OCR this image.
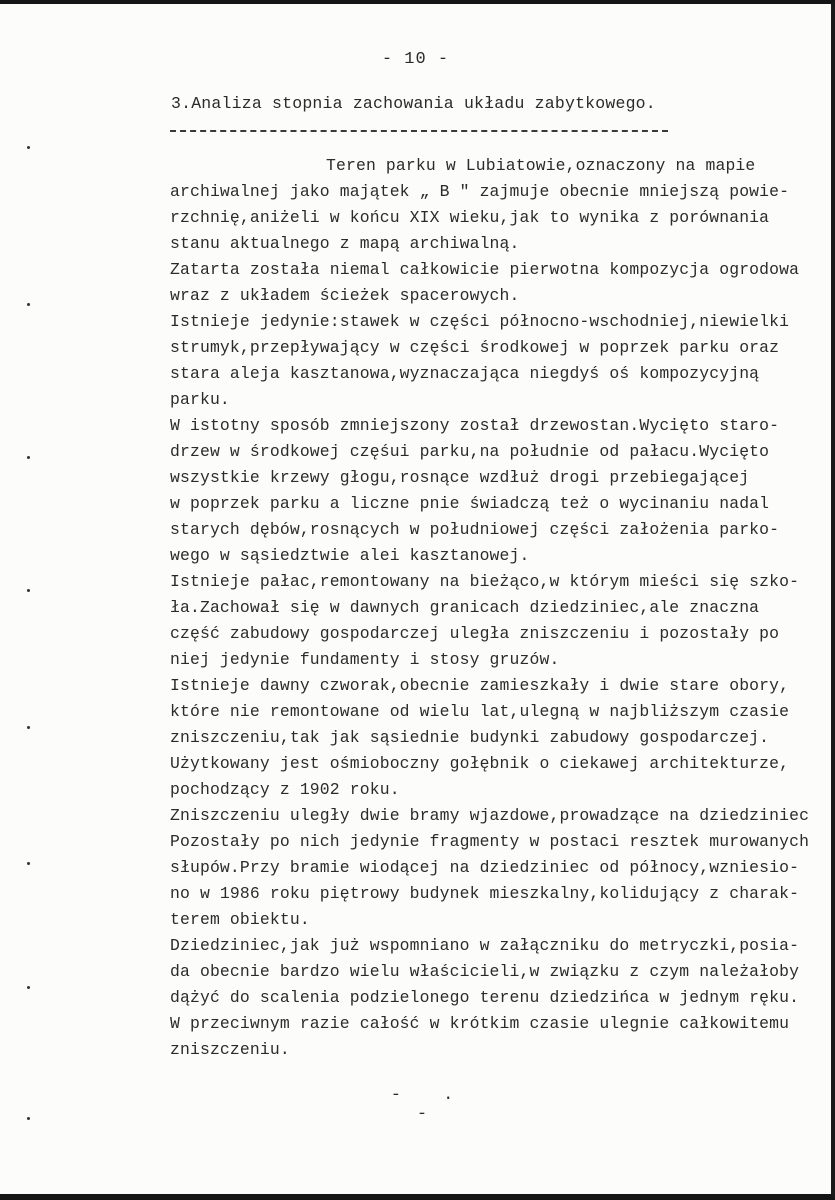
- 10 -
3.Analiza stopnia zachowania układu zabytkowego.
Teren parku w Lubiatowie,oznaczony na mapie
archiwalnej jako majątek „ B " zajmuje obecnie mniejszą powie-
rzchnię,aniżeli w końcu XIX wieku,jak to wynika z porównania
stanu aktualnego z mapą archiwalną.
Zatarta została niemal całkowicie pierwotna kompozycja ogrodowa
wraz z układem ścieżek spacerowych.
Istnieje jedynie:stawek w części północno-wschodniej,niewielki
strumyk,przepływający w części środkowej w poprzek parku oraz
stara aleja kasztanowa,wyznaczająca niegdyś oś kompozycyjną
parku.
W istotny sposób zmniejszony został drzewostan.Wycięto staro-
drzew w środkowej częśui parku,na południe od pałacu.Wycięto
wszystkie krzewy głogu,rosnące wzdłuż drogi przebiegającej
w poprzek parku a liczne pnie świadczą też o wycinaniu nadal
starych dębów,rosnących w południowej części założenia parko-
wego w sąsiedztwie alei kasztanowej.
Istnieje pałac,remontowany na bieżąco,w którym mieści się szko-
ła.Zachował się w dawnych granicach dziedziniec,ale znaczna
część zabudowy gospodarczej uległa zniszczeniu i pozostały po
niej jedynie fundamenty i stosy gruzów.
Istnieje dawny czworak,obecnie zamieszkały i dwie stare obory,
które nie remontowane od wielu lat,ulegną w najbliższym czasie
zniszczeniu,tak jak sąsiednie budynki zabudowy gospodarczej.
Użytkowany jest ośmioboczny gołębnik o ciekawej architekturze,
pochodzący z 1902 roku.
Zniszczeniu uległy dwie bramy wjazdowe,prowadzące na dziedziniec
Pozostały po nich jedynie fragmenty w postaci resztek murowanych
słupów.Przy bramie wiodącej na dziedziniec od północy,wzniesio-
no w 1986 roku piętrowy budynek mieszkalny,kolidujący z charak-
terem obiektu.
Dziedziniec,jak już wspomniano w załączniku do metryczki,posia-
da obecnie bardzo wielu właścicieli,w związku z czym należałoby
dążyć do scalenia podzielonego terenu dziedzińca w jednym ręku.
W przeciwnym razie całość w krótkim czasie ulegnie całkowitemu
zniszczeniu.
- . -
